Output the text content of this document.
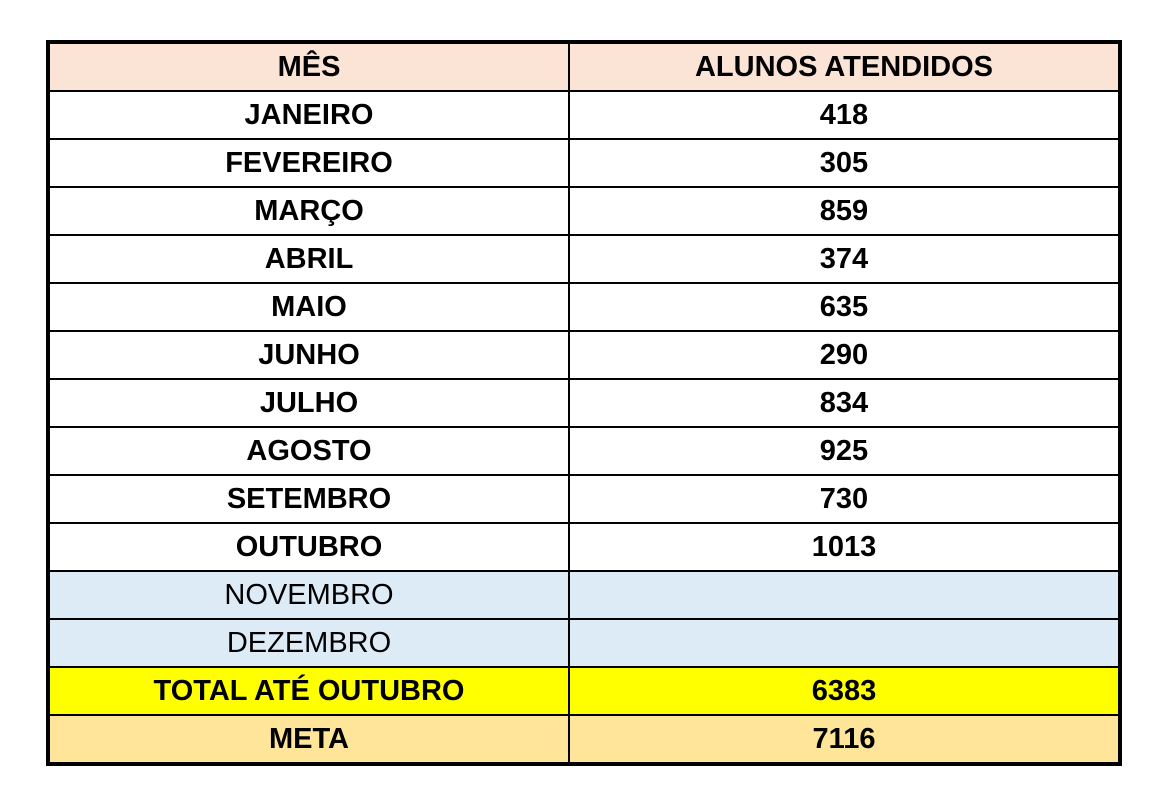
MÊS	ALUNOS ATENDIDOS
JANEIRO	418
FEVEREIRO	305
MARÇO	859
ABRIL	374
MAIO	635
JUNHO	290
JULHO	834
AGOSTO	925
SETEMBRO	730
OUTUBRO	1013
NOVEMBRO	
DEZEMBRO	
TOTAL ATÉ OUTUBRO	6383
META	7116
